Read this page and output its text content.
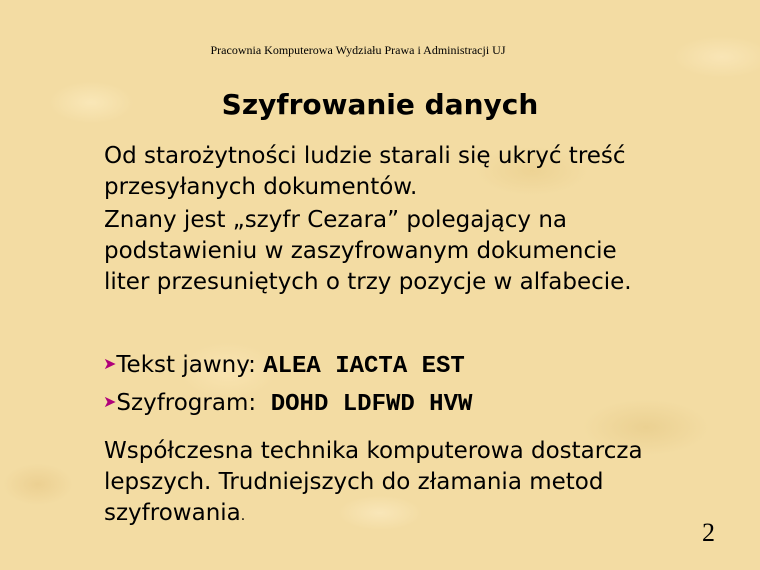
Pracownia Komputerowa Wydziału Prawa i Administracji UJ
Szyfrowanie danych
Od starożytności ludzie starali się ukryć treść przesyłanych dokumentów.
Znany jest „szyfr Cezara” polegający na podstawieniu w zaszyfrowanym dokumencie liter przesuniętych o trzy pozycje w alfabecie.
➤Tekst jawny: ALEA IACTA EST
➤Szyfrogram:  DOHD LDFWD HVW
Współczesna technika komputerowa dostarcza lepszych. Trudniejszych do złamania metod szyfrowania.
2
